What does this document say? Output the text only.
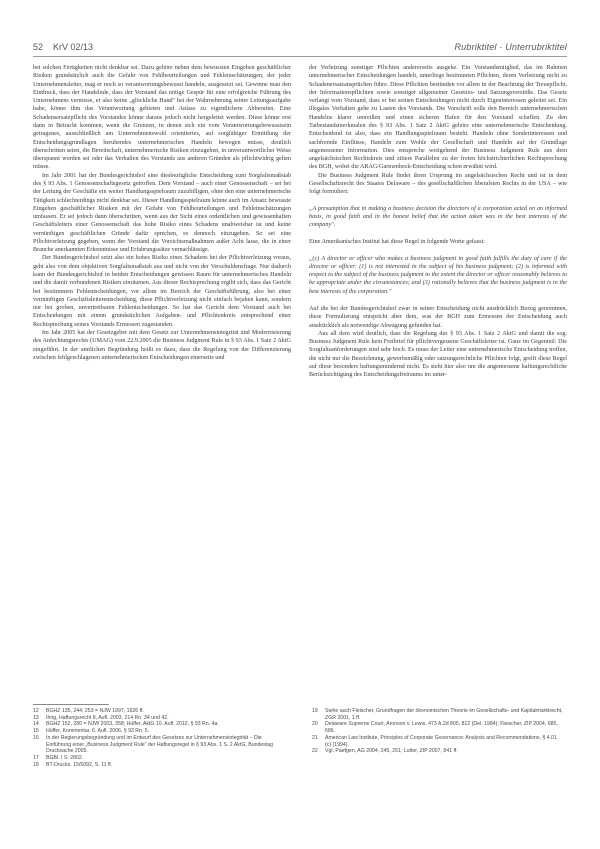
52 KrV 02/13	Rubriktitel · Unterrubriktitel

bei solchen Fertigkeiten nicht denkbar sei. Dazu gehöre neben dem bewussten Eingehen geschäftlicher Risiken grundsätzlich auch die Gefahr von Fehlbeurteilungen und Fehleinschätzungen, der jeder Unternehmensleiter, mag er noch so verantwortungsbewusst handeln, ausgesetzt sei. Gewinne man den Eindruck, dass der Handelnde, dass der Vorstand das nötige Gespür für eine erfolgreiche Führung des Unternehmens vermisse, er also keine „glückliche Hand" bei der Wahrnehmung seiner Leitungsaufgabe habe, könne ihm das Verantwortung gebieten und Anlass zu eigentlichem Abberufen. Eine Schadensersatzpflicht des Vorstandes könne daraus jedoch nicht hergeleitet werden. Diese könne erst dann in Betracht kommen, wenn die Grenzen, in denen sich ein vom Verantwortungsbewusstsein getragenes, ausschließlich am Unternehmenswohl orientiertes, auf sorgfältiger Ermittlung der Entscheidungsgrundlagen beruhendes unternehmerisches Handeln bewegen müsse, deutlich überschritten seien, die Bereitschaft, unternehmerische Risiken einzugehen, in unverantwortlicher Weise überspannt worden sei oder das Verhalten des Vorstands aus anderen Gründen als pflichtwidrig gelten müsse.

Im Jahr 2001 hat der Bundesgerichtshof eine diesbezügliche Entscheidung zum Sorgfaltsmaßstab des § 93 Abs. 1 Genossenschaftsgesetz getroffen. Dem Vorstand – auch einer Genossenschaft – sei bei der Leitung der Geschäfte ein weiter Handlungsspielraum zuzubilligen, ohne den eine unternehmerische Tätigkeit schlechterdings nicht denkbar sei. Dieser Handlungsspielraum könne auch im Ansatz bewusste Eingehen geschäftlicher Risiken mit der Gefahr von Fehlbeurteilungen und Fehleinschätzungen umfassen. Er sei jedoch dann überschritten, wenn aus der Sicht eines ordentlichen und gewissenhaften Geschäftsleiters einer Genossenschaft das hohe Risiko eines Schadens unabweisbar ist und keine vernünftigen geschäftlichen Gründe dafür sprechen, es dennoch einzugehen. So sei eine Pflichtverletzung gegeben, wenn der Vorstand die Vorsichtsmaßnahmen außer Acht lasse, die in einer Branche anerkannten Erkenntnisse und Erfahrungssätze vernachlässige.

Der Bundesgerichtshof setzt also ein hohes Risiko eines Schadens bei der Pflichtverletzung voraus, geht also von dem objektiven Sorgfaltsmaßstab aus und nicht von der Verschuldensfrage. Nur dadurch kann der Bundesgerichtshof in beiden Entscheidungen gewissen Raum für unternehmerisches Handeln und die damit verbundenen Risiken einräumen. Aus dieser Rechtsprechung ergibt sich, dass das Gericht bei bestimmten Fehlentscheidungen, vor allem im Bereich der Geschäftsführung, also bei einer vernünftigen Geschäftsleiterentscheidung, diese Pflichtverletzung nicht einfach bejahen kann, sondern nur bei groben, unvertretbaren Fehlentscheidungen. So hat das Gericht dem Vorstand auch bei Entscheidungen mit einem grundsätzlichen Aufgaben- und Pflichtenkreis entsprechend einer Rechtsprechung seines Vorstands Ermessen zugestanden.

Im Jahr 2005 hat der Gesetzgeber mit dem Gesetz zur Unternehmensintegrität und Modernisierung des Anfechtungsrechts (UMAG) vom 22.9.2005 die Business Judgment Rule in § 93 Abs. 1 Satz 2 AktG eingeführt. In der amtlichen Begründung heißt es dazu, dass die Regelung von der Differenzierung zwischen fehlgeschlagenen unternehmerischen Entscheidungen einerseits und

der Verletzung sonstiger Pflichten andererseits ausgehe. Ein Vorstandsmitglied, das im Rahmen unternehmerischer Entscheidungen handelt, unterliege bestimmten Pflichten, deren Verletzung nicht zu Schadenersatzansprüchen führe. Diese Pflichten bestünden vor allem in der Beachtung der Treuepflicht, der Informationspflichten sowie sonstiger allgemeiner Gesetzes- und Satzungsverstöße. Das Gesetz verlangt vom Vorstand, dass er bei seinen Entscheidungen nicht durch Eigeninteressen geleitet sei. Ein illegales Verhalten gehe zu Lasten des Vorstands. Die Vorschrift solle den Bereich unternehmerischen Handelns klarer umreißen und einen sicheren Hafen für den Vorstand schaffen. Zu den Tatbestandsmerkmalen des § 93 Abs. 1 Satz 2 AktG gehöre eine unternehmerische Entscheidung. Entscheidend ist also, dass ein Handlungsspielraum besteht. Handeln ohne Sonderinteressen und sachfremde Einflüsse, Handeln zum Wohle der Gesellschaft und Handeln auf der Grundlage angemessener Information. Dies entspreche weitgehend der Business Judgment Rule aus dem angelsächsischen Rechtskreis und zitiere Parallelen zu der freien höchstrichterlichen Rechtsprechung des BGH, wobei die ARAG/Garmenbeck-Entscheidung schon erwähnt wird.

Die Business Judgment Rule findet ihren Ursprung im angelsächsischen Recht und ist in dem Gesellschaftsrecht des Staates Delaware – des gesellschaftlichen liberalsten Rechts in der USA – wie folgt formuliert:

„A presumption that in making a business decision the directors of a corporation acted on an informed basis, in good faith and in the honest belief that the action taken was in the best interests of the company".

Eine Amerikanisches Institut hat diese Regel in folgende Worte gefasst:

„(c) A director or officer who makes a business judgment in good faith fulfills the duty of care if the director or officer: (1) is not interested in the subject of his business judgment; (2) is informed with respect to the subject of the business judgment to the extent the director or officer reasonably believes to be appropriate under the circumstances; and (3) rationally believes that the business judgment is in the best interests of the corporation."

Auf die bei der Bundesgerichtshof zwar in seiner Entscheidung nicht ausdrücklich Bezug genommen, diese Formulierung entspricht aber dem, was der BGH zum Ermessen der Entscheidung auch ausdrücklich als notwendige Abwägung gefunden hat.

Aus all dem wird deutlich, dass die Regelung des § 93 Abs. 1 Satz 2 AktG und damit die sog. Business Judgment Rule kein Freibrief für pflichtvergessene Geschäftsleiter ist. Ganz im Gegenteil: Die Sorgfaltsanforderungen sind sehr hoch. Es muss der Leiter eine unternehmerische Entscheidung treffen, die nicht nur die Bezeichnung, gewerbsmäßig oder satzungsrechtliche Pflichten folgt, greift diese Regel auf diese besonders haftungsmindernd nicht. Es steht hier also um die angemessene haftungsrechtliche Berücksichtigung des Entscheidungsfreiraums im unter-

12	BGHZ 135, 244, 253 = NJW 1997, 1926 ff.
13	Ihrig, Haftungsrecht 8, Aufl. 2003, 214 Rn. 34 und 42.
14	BGHZ 152, 280 = NJW 2003, 358; Hüffer, AktG 10. Aufl. 2012, § 93 Rn. 4a.
15	Hüffer, Kommentar, 6. Aufl. 2006, § 93 Rn. 5.
16	In der Regierungsbegründung und im Entwurf des Gesetzes zur Unternehmensintegrität – Die Einführung einer „Business Judgment Rule" der Haftungsregel in § 93 Abs. 1 S. 2 AktG, Bundestag Drucksache 2005.
17	BGBl. I S. 2802.
18	BT-Drucks. 15/5092, S. 11 ff.
19	Siehe auch Fleischer, Grundfragen der ökonomischen Theorie im Gesellschafts- und Kapitalmarktrecht, ZGR 2001, 1 ff.
20	Delaware Supreme Court, Aronson v. Lewis, 473 A.2d 805, 812 (Del. 1984); Fleischer, ZIP 2004, 685, 686.
21	American Law Institute, Principles of Corporate Governance: Analysis and Recommendations, § 4.01 (c) (1994).
22	Vgl. Paefgen, AG 2004, 245, 251; Lutter, ZIP 2007, 841 ff.
